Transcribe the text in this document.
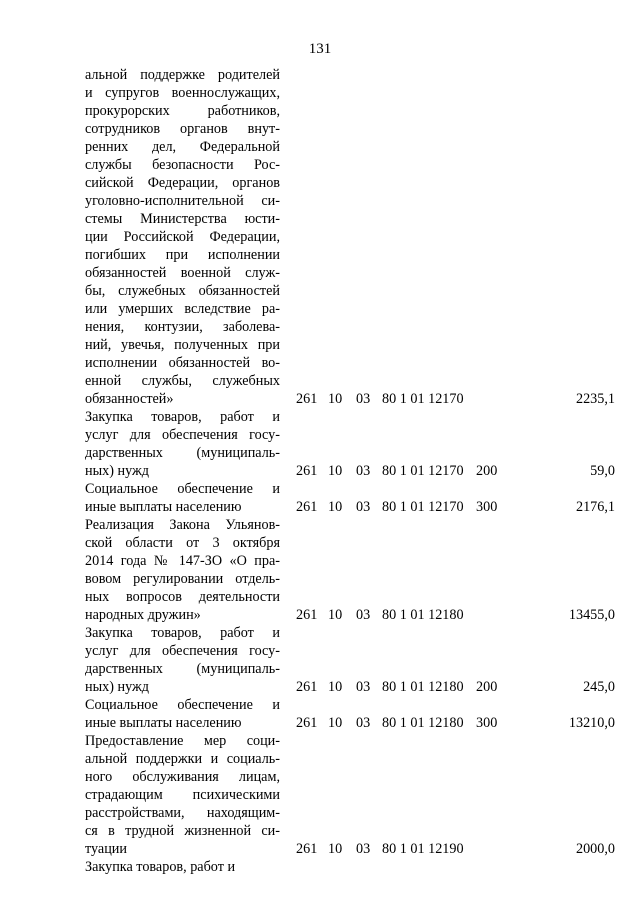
131
альной поддержке родителей
и супругов военнослужащих,
прокурорских работников,
сотрудников органов внут-
ренних дел, Федеральной
службы безопасности Рос-
сийской Федерации, органов
уголовно-исполнительной си-
стемы Министерства юсти-
ции Российской Федерации,
погибших при исполнении
обязанностей военной служ-
бы, служебных обязанностей
или умерших вследствие ра-
нения, контузии, заболева-
ний, увечья, полученных при
исполнении обязанностей во-
енной службы, служебных
обязанностей»	261 10 03 80 1 01 12170	2235,1
Закупка товаров, работ и
услуг для обеспечения госу-
дарственных (муниципаль-
ных) нужд	261 10 03 80 1 01 12170 200	59,0
Социальное обеспечение и
иные выплаты населению	261 10 03 80 1 01 12170 300	2176,1
Реализация Закона Ульянов-
ской области от 3 октября
2014 года № 147-ЗО «О пра-
вовом регулировании отдель-
ных вопросов деятельности
народных дружин»	261 10 03 80 1 01 12180	13455,0
Закупка товаров, работ и
услуг для обеспечения госу-
дарственных (муниципаль-
ных) нужд	261 10 03 80 1 01 12180 200	245,0
Социальное обеспечение и
иные выплаты населению	261 10 03 80 1 01 12180 300	13210,0
Предоставление мер соци-
альной поддержки и социаль-
ного обслуживания лицам,
страдающим психическими
расстройствами, находящим-
ся в трудной жизненной си-
туации	261 10 03 80 1 01 12190	2000,0
Закупка товаров, работ и
